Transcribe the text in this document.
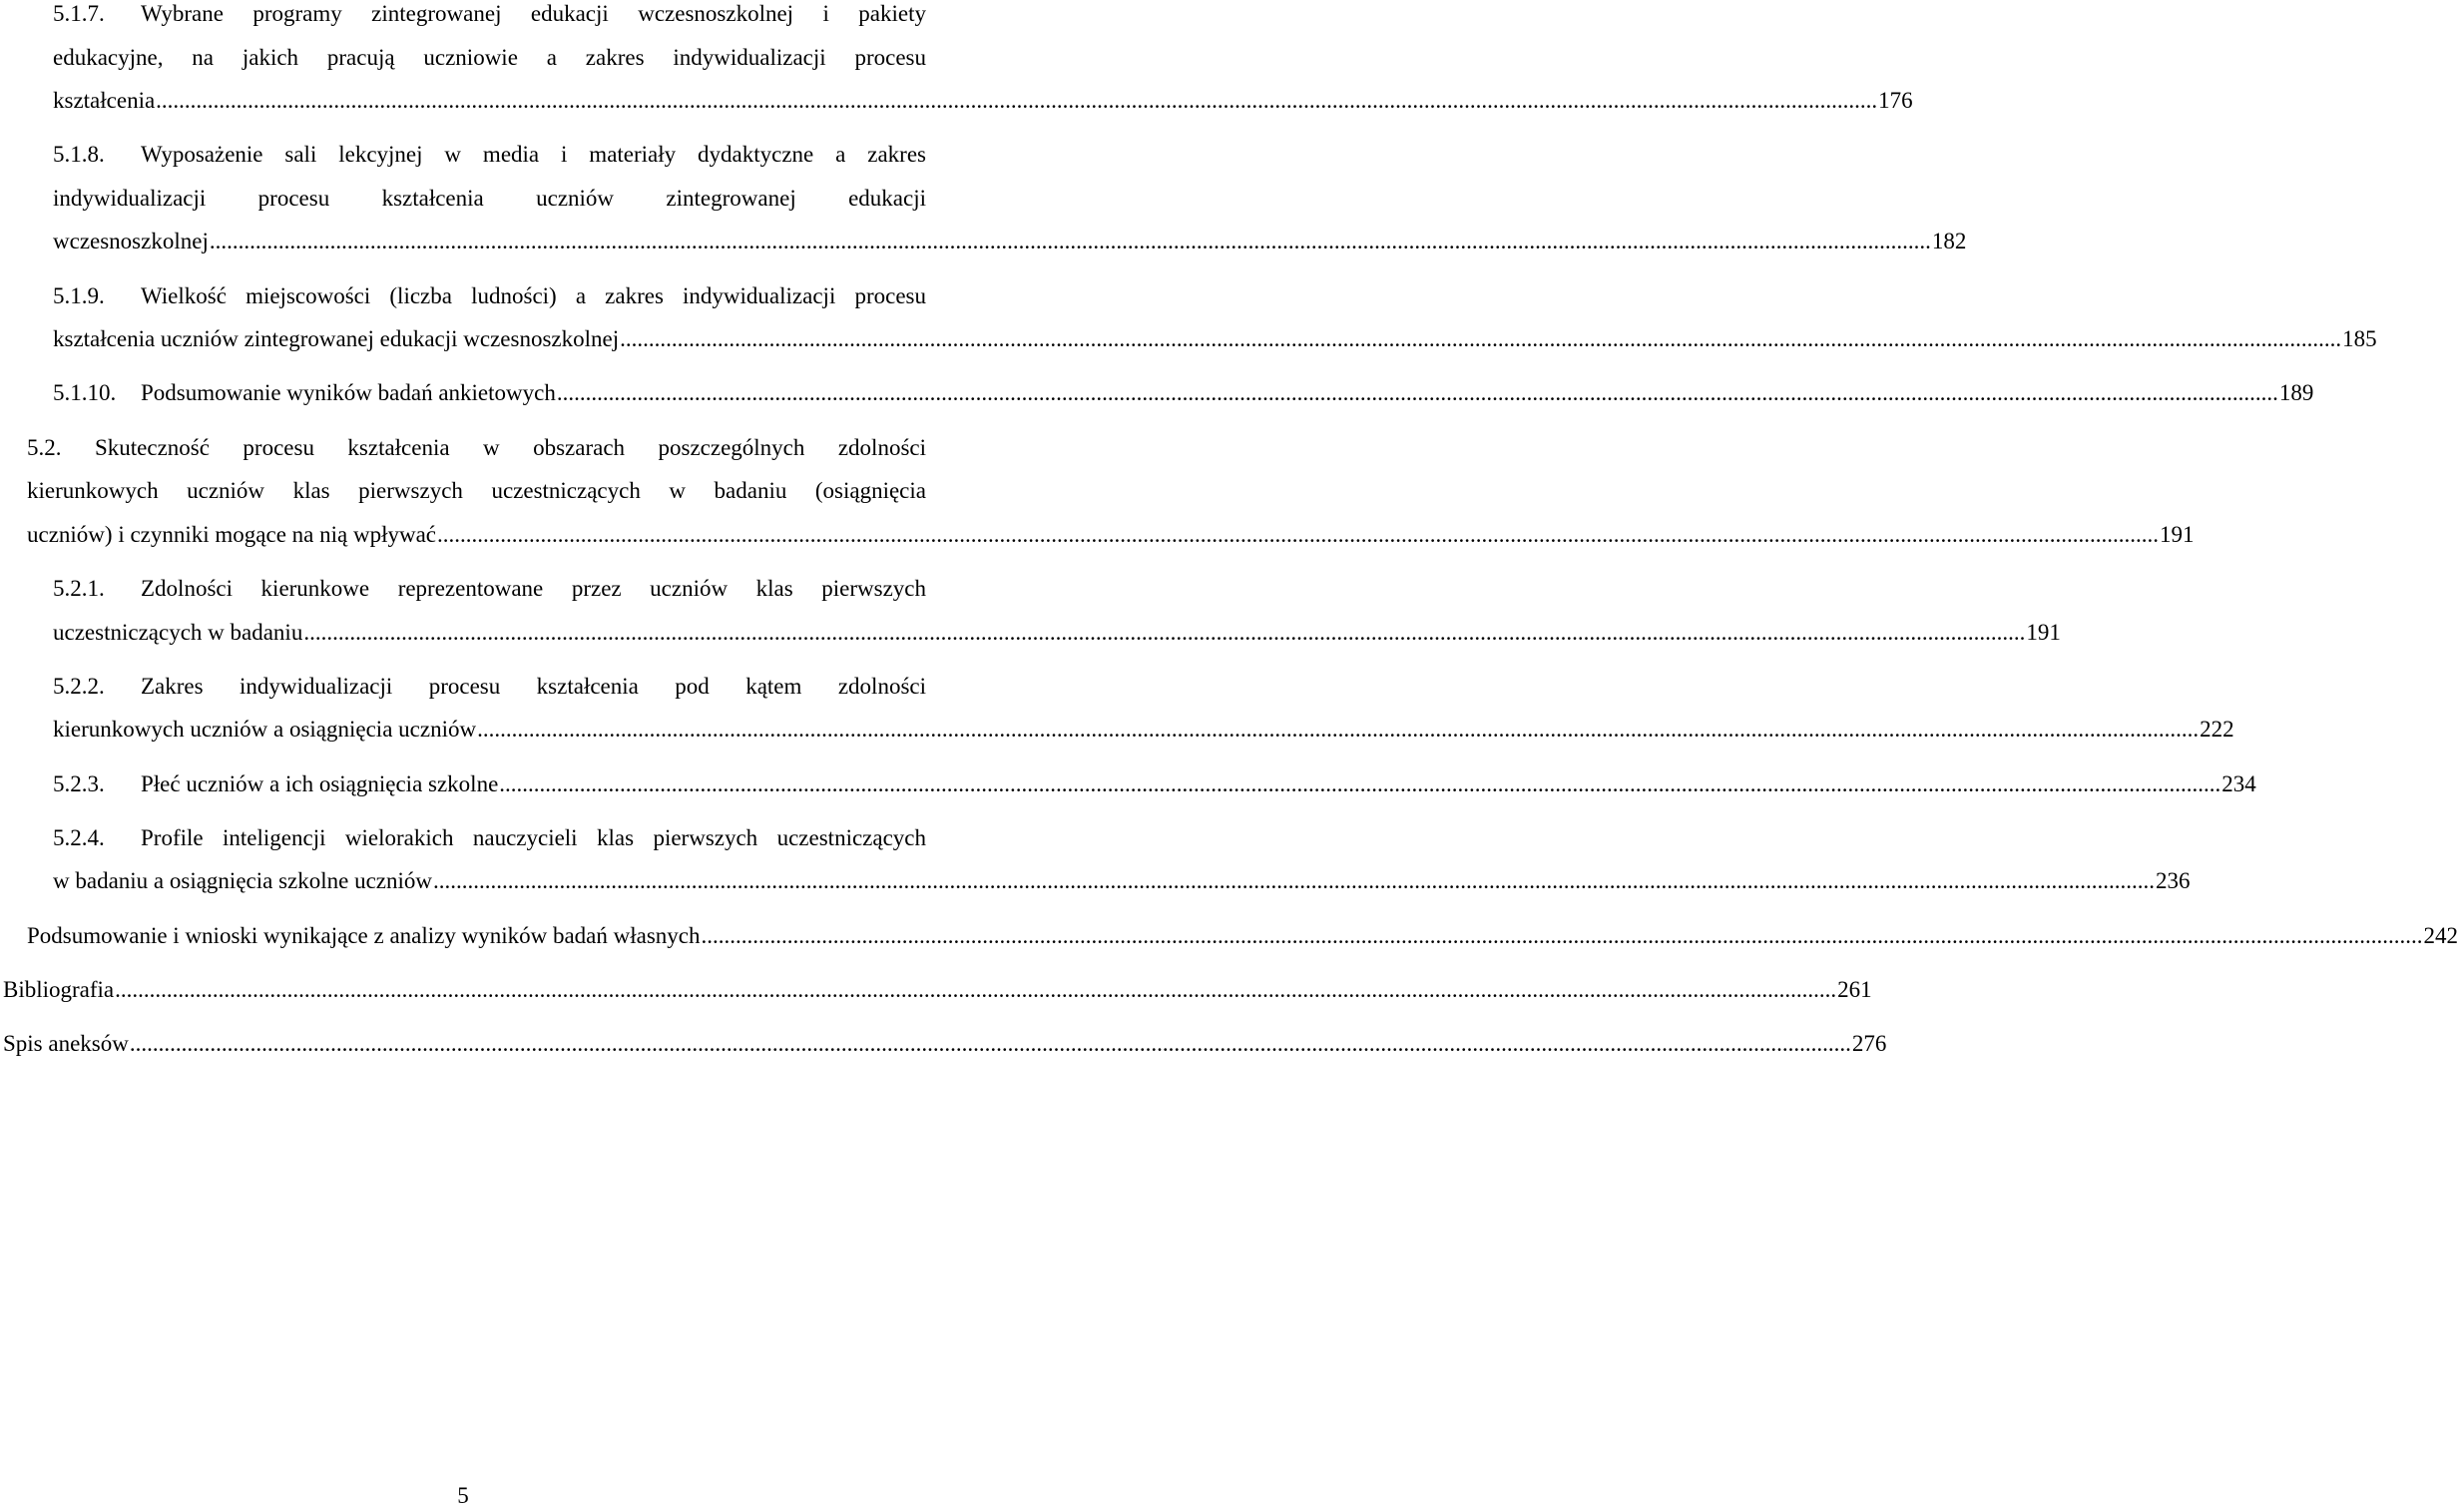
5.1.7. Wybrane programy zintegrowanej edukacji wczesnoszkolnej i pakiety
edukacyjne, na jakich pracują uczniowie a zakres indywidualizacji procesu
kształcenia ............................................................................................................................................................................................................................................................................................................ 176
5.1.8. Wyposażenie sali lekcyjnej w media i materiały dydaktyczne a zakres
indywidualizacji procesu kształcenia uczniów zintegrowanej edukacji
wczesnoszkolnej ............................................................................................................................................................................................................................................................................................................ 182
5.1.9. Wielkość miejscowości (liczba ludności) a zakres indywidualizacji procesu
kształcenia uczniów zintegrowanej edukacji wczesnoszkolnej ............................................................................................................................................................................................................................................................................................................ 185
5.1.10.	Podsumowanie wyników badań ankietowych ............................................................................................................................................................................................................................................................................................................ 189
5.2. Skuteczność procesu kształcenia w obszarach poszczególnych zdolności
kierunkowych uczniów klas pierwszych uczestniczących w badaniu (osiągnięcia
uczniów) i czynniki mogące na nią wpływać ............................................................................................................................................................................................................................................................................................................ 191
5.2.1. Zdolności kierunkowe reprezentowane przez uczniów klas pierwszych
uczestniczących w badaniu ............................................................................................................................................................................................................................................................................................................ 191
5.2.2. Zakres indywidualizacji procesu kształcenia pod kątem zdolności
kierunkowych uczniów a osiągnięcia uczniów ............................................................................................................................................................................................................................................................................................................ 222
5.2.3.	Płeć uczniów a ich osiągnięcia szkolne ............................................................................................................................................................................................................................................................................................................ 234
5.2.4. Profile inteligencji wielorakich nauczycieli klas pierwszych uczestniczących
w badaniu a osiągnięcia szkolne uczniów ............................................................................................................................................................................................................................................................................................................ 236
Podsumowanie i wnioski wynikające z analizy wyników badań własnych ............................................................................................................................................................................................................................................................................................................ 242
Bibliografia ............................................................................................................................................................................................................................................................................................................ 261
Spis aneksów ............................................................................................................................................................................................................................................................................................................ 276
5
